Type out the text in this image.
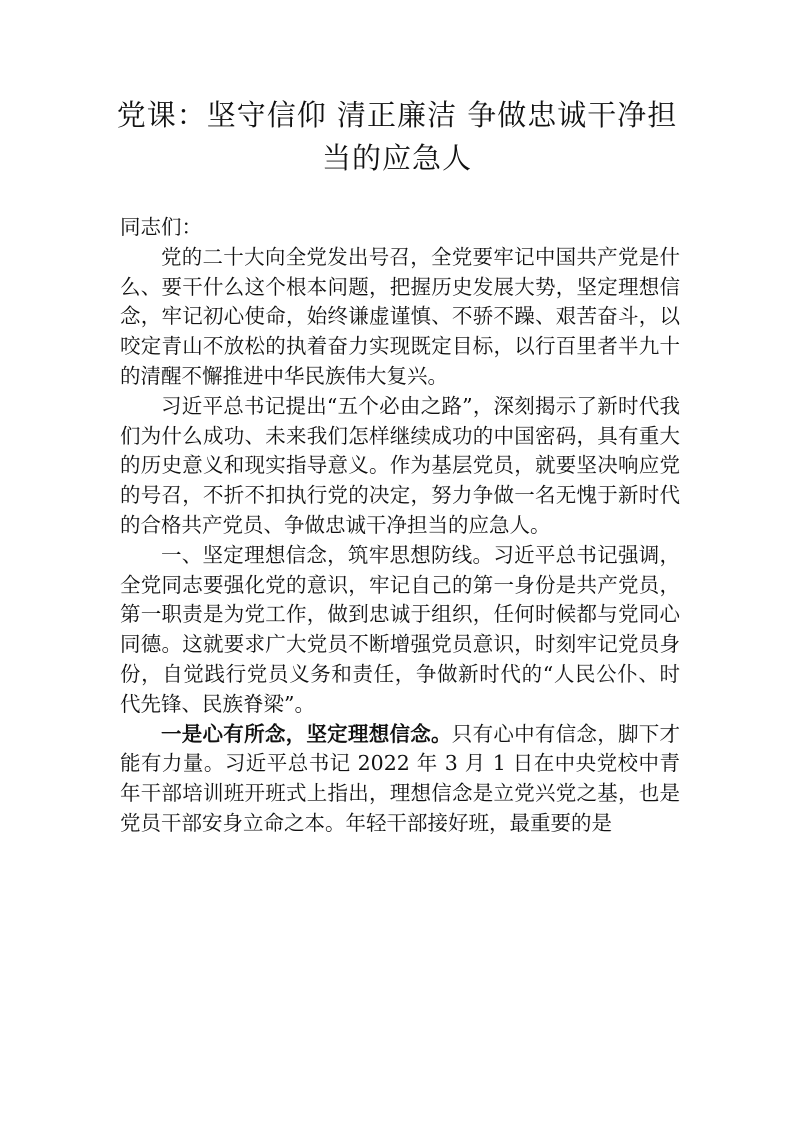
党课：坚守信仰 清正廉洁 争做忠诚干净担当的应急人

同志们：

党的二十大向全党发出号召，全党要牢记中国共产党是什么、要干什么这个根本问题，把握历史发展大势，坚定理想信念，牢记初心使命，始终谦虚谨慎、不骄不躁、艰苦奋斗，以咬定青山不放松的执着奋力实现既定目标，以行百里者半九十的清醒不懈推进中华民族伟大复兴。

习近平总书记提出“五个必由之路”，深刻揭示了新时代我们为什么成功、未来我们怎样继续成功的中国密码，具有重大的历史意义和现实指导意义。作为基层党员，就要坚决响应党的号召，不折不扣执行党的决定，努力争做一名无愧于新时代的合格共产党员、争做忠诚干净担当的应急人。

一、坚定理想信念，筑牢思想防线。习近平总书记强调，全党同志要强化党的意识，牢记自己的第一身份是共产党员，第一职责是为党工作，做到忠诚于组织，任何时候都与党同心同德。这就要求广大党员不断增强党员意识，时刻牢记党员身份，自觉践行党员义务和责任，争做新时代的“人民公仆、时代先锋、民族脊梁”。

一是心有所念，坚定理想信念。只有心中有信念，脚下才能有力量。习近平总书记 2022 年 3 月 1 日在中央党校中青年干部培训班开班式上指出，理想信念是立党兴党之基，也是党员干部安身立命之本。年轻干部接好班，最重要的是
